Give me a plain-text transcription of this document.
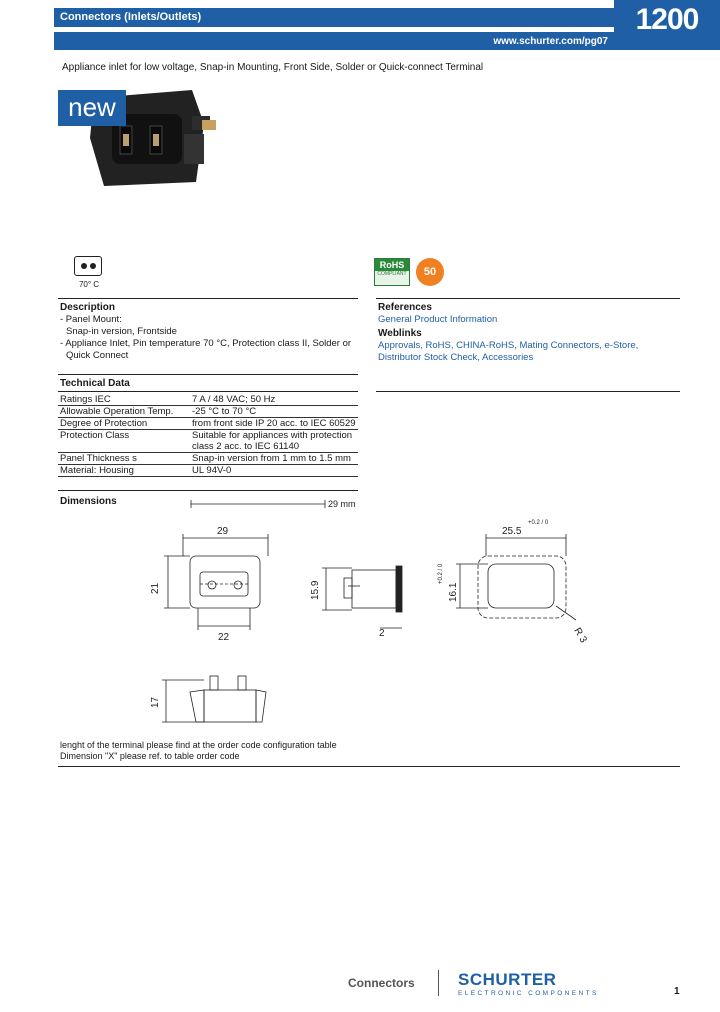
1200
Connectors (Inlets/Outlets)
www.schurter.com/pg07
Appliance inlet for low voltage, Snap-in Mounting, Front Side, Solder or Quick-connect Terminal
new
70° C
RoHS
COMPLIANT	50
Description
- Panel Mount:
Snap-in version, Frontside
- Appliance Inlet, Pin temperature 70 °C, Protection class II, Solder or
Quick Connect
References
General Product Information
Weblinks
Approvals, RoHS, CHINA-RoHS, Mating Connectors, e-Store,
Distributor Stock Check, Accessories
Technical Data
Ratings IEC	7 A / 48 VAC; 50 Hz
Allowable Operation Temp.	-25 °C to 70 °C
Degree of Protection	from front side IP 20 acc. to IEC 60529
Protection Class	Suitable for appliances with protection class 2 acc. to IEC 61140
Panel Thickness s	Snap-in version from 1 mm to 1.5 mm
Material: Housing	UL 94V-0
Dimensions	29 mm
29
21
22
15.9
2
25.5
+0.2 / 0
16.1
+0.2 / 0
R 3
17
lenght of the terminal please find at the order code configuration table
Dimension "X" please ref. to table order code
Connectors	SCHURTER
ELECTRONIC COMPONENTS	1
